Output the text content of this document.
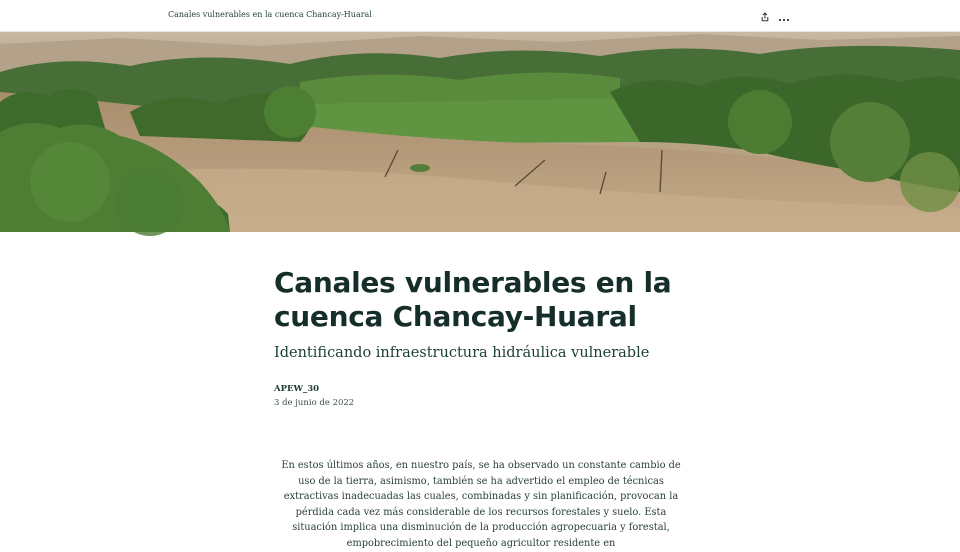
Canales vulnerables en la cuenca Chancay-Huaral
Canales vulnerables en la cuenca Chancay-Huaral
Identificando infraestructura hidráulica vulnerable
APEW_30
3 de junio de 2022

En estos últimos años, en nuestro país, se ha observado un constante cambio de uso de la tierra, asimismo, también se ha advertido el empleo de técnicas extractivas inadecuadas las cuales, combinadas y sin planificación, provocan la pérdida cada vez más considerable de los recursos forestales y suelo. Esta situación implica una disminución de la producción agropecuaria y forestal, empobrecimiento del pequeño agricultor residente en
